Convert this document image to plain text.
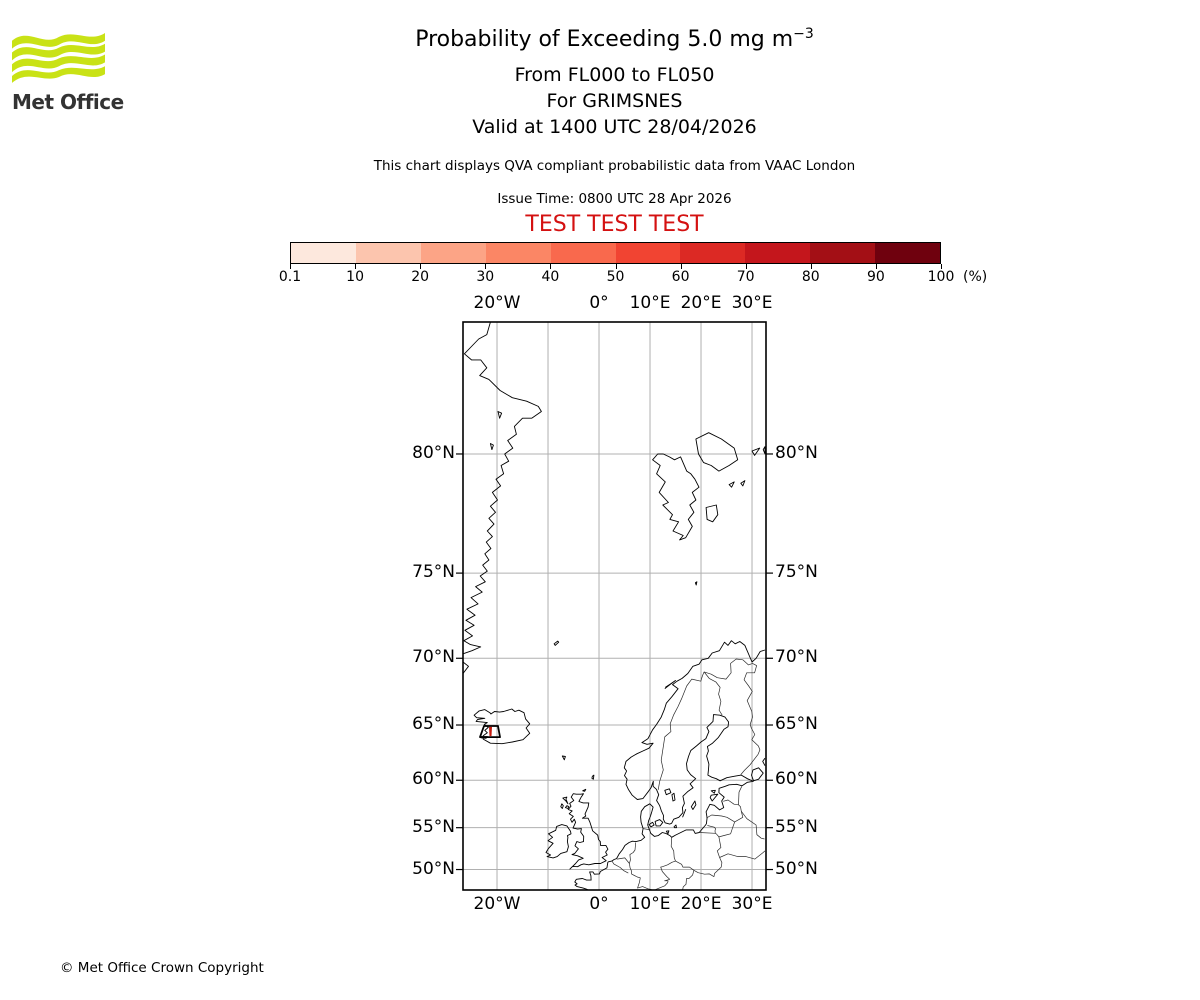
Met Office
Probability of Exceeding 5.0 mg $m^{-3}$
From FL000 to FL050
For GRIMSNES
Valid at 1400 UTC 28/04/2026
This chart displays QVA compliant probabilistic data from VAAC London
Issue Time: 0800 UTC 28 Apr 2026
TEST TEST TEST
(%)
© Met Office Crown Copyright
0.1	10	20	30	40	50	60	70	80	90	100
80°N	80°N
75°N	75°N
70°N	70°N
65°N	65°N
60°N	60°N
55°N	55°N
50°N	50°N
20°W
20°W
0°
0°
10°E
10°E
20°E
20°E
30°E
30°E
